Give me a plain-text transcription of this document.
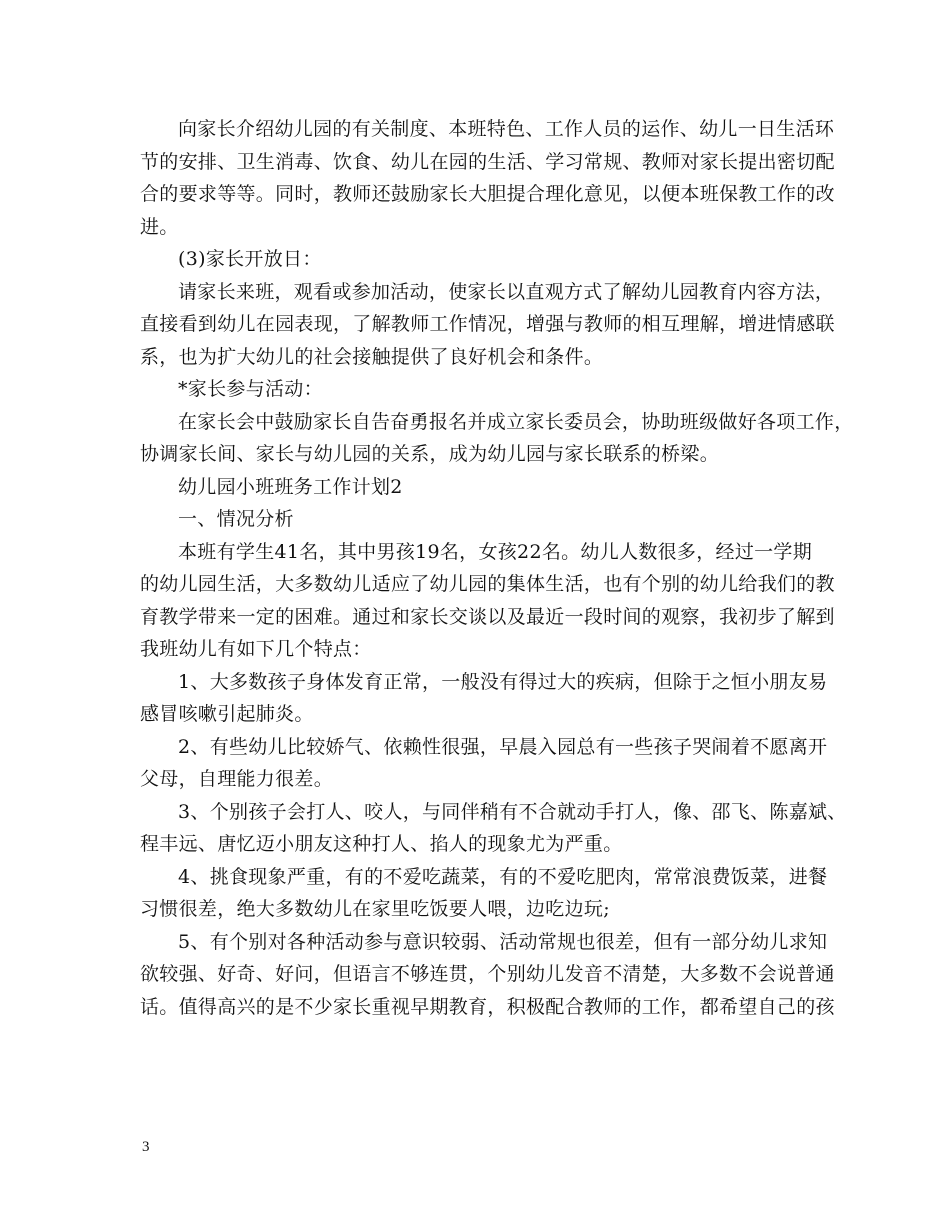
向家长介绍幼儿园的有关制度、本班特色、工作人员的运作、幼儿一日生活环
节的安排、卫生消毒、饮食、幼儿在园的生活、学习常规、教师对家长提出密切配
合的要求等等。同时，教师还鼓励家长大胆提合理化意见，以便本班保教工作的改
进。
(3)家长开放日：
请家长来班，观看或参加活动，使家长以直观方式了解幼儿园教育内容方法，
直接看到幼儿在园表现，了解教师工作情况，增强与教师的相互理解，增进情感联
系，也为扩大幼儿的社会接触提供了良好机会和条件。
*家长参与活动：
在家长会中鼓励家长自告奋勇报名并成立家长委员会，协助班级做好各项工作，
协调家长间、家长与幼儿园的关系，成为幼儿园与家长联系的桥梁。
幼儿园小班班务工作计划2
一、情况分析
本班有学生41名，其中男孩19名，女孩22名。幼儿人数很多，经过一学期
的幼儿园生活，大多数幼儿适应了幼儿园的集体生活，也有个别的幼儿给我们的教
育教学带来一定的困难。通过和家长交谈以及最近一段时间的观察，我初步了解到
我班幼儿有如下几个特点：
1、大多数孩子身体发育正常，一般没有得过大的疾病，但除于之恒小朋友易
感冒咳嗽引起肺炎。
2、有些幼儿比较娇气、依赖性很强，早晨入园总有一些孩子哭闹着不愿离开
父母，自理能力很差。
3、个别孩子会打人、咬人，与同伴稍有不合就动手打人，像、邵飞、陈嘉斌、
程丰远、唐忆迈小朋友这种打人、掐人的现象尤为严重。
4、挑食现象严重，有的不爱吃蔬菜，有的不爱吃肥肉，常常浪费饭菜，进餐
习惯很差，绝大多数幼儿在家里吃饭要人喂，边吃边玩;
5、有个别对各种活动参与意识较弱、活动常规也很差，但有一部分幼儿求知
欲较强、好奇、好问，但语言不够连贯，个别幼儿发音不清楚，大多数不会说普通
话。值得高兴的是不少家长重视早期教育，积极配合教师的工作，都希望自己的孩
3
